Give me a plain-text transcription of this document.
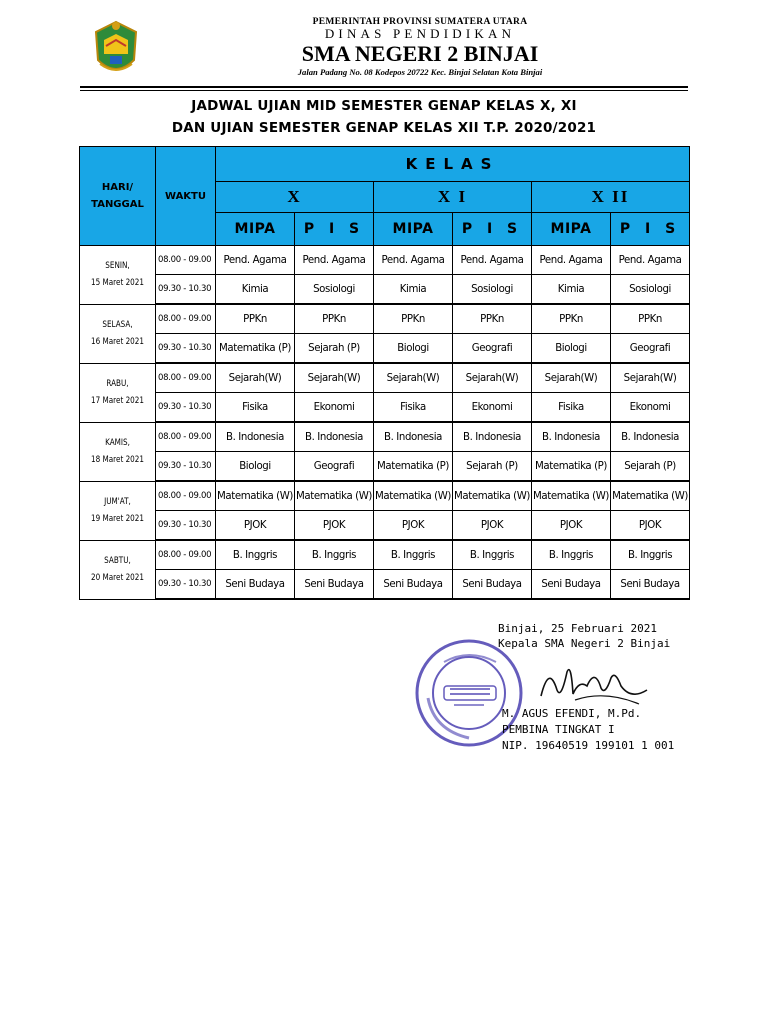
PEMERINTAH PROVINSI SUMATERA UTARA
DINAS PENDIDIKAN
SMA NEGERI 2 BINJAI
Jalan Padang No. 08 Kodepos 20722 Kec. Binjai Selatan Kota Binjai
JADWAL UJIAN MID SEMESTER GENAP KELAS X, XI
DAN UJIAN SEMESTER GENAP KELAS XII T.P. 2020/2021
HARI/
TANGGAL	WAKTU	KELAS					
		X		X I		X II	
		MIPA	P I S	MIPA	P I S	MIPA	P I S

SENIN,
15 Maret 2021	08.00 - 09.00	Pend. Agama	Pend. Agama	Pend. Agama	Pend. Agama	Pend. Agama	Pend. Agama
	09.30 - 10.30	Kimia	Sosiologi	Kimia	Sosiologi	Kimia	Sosiologi

SELASA,
16 Maret 2021	08.00 - 09.00	PPKn	PPKn	PPKn	PPKn	PPKn	PPKn
	09.30 - 10.30	Matematika (P)	Sejarah (P)	Biologi	Geografi	Biologi	Geografi

RABU,
17 Maret 2021	08.00 - 09.00	Sejarah(W)	Sejarah(W)	Sejarah(W)	Sejarah(W)	Sejarah(W)	Sejarah(W)
	09.30 - 10.30	Fisika	Ekonomi	Fisika	Ekonomi	Fisika	Ekonomi

KAMIS,
18 Maret 2021	08.00 - 09.00	B. Indonesia	B. Indonesia	B. Indonesia	B. Indonesia	B. Indonesia	B. Indonesia
	09.30 - 10.30	Biologi	Geografi	Matematika (P)	Sejarah (P)	Matematika (P)	Sejarah (P)

JUM'AT,
19 Maret 2021	08.00 - 09.00	Matematika (W)	Matematika (W)	Matematika (W)	Matematika (W)	Matematika (W)	Matematika (W)
	09.30 - 10.30	PJOK	PJOK	PJOK	PJOK	PJOK	PJOK

SABTU,
20 Maret 2021	08.00 - 09.00	B. Inggris	B. Inggris	B. Inggris	B. Inggris	B. Inggris	B. Inggris
	09.30 - 10.30	Seni Budaya	Seni Budaya	Seni Budaya	Seni Budaya	Seni Budaya	Seni Budaya
Binjai, 25 Februari 2021
Kepala SMA Negeri 2 Binjai
M. AGUS EFENDI, M.Pd.
PEMBINA TINGKAT I
NIP. 19640519 199101 1 001
